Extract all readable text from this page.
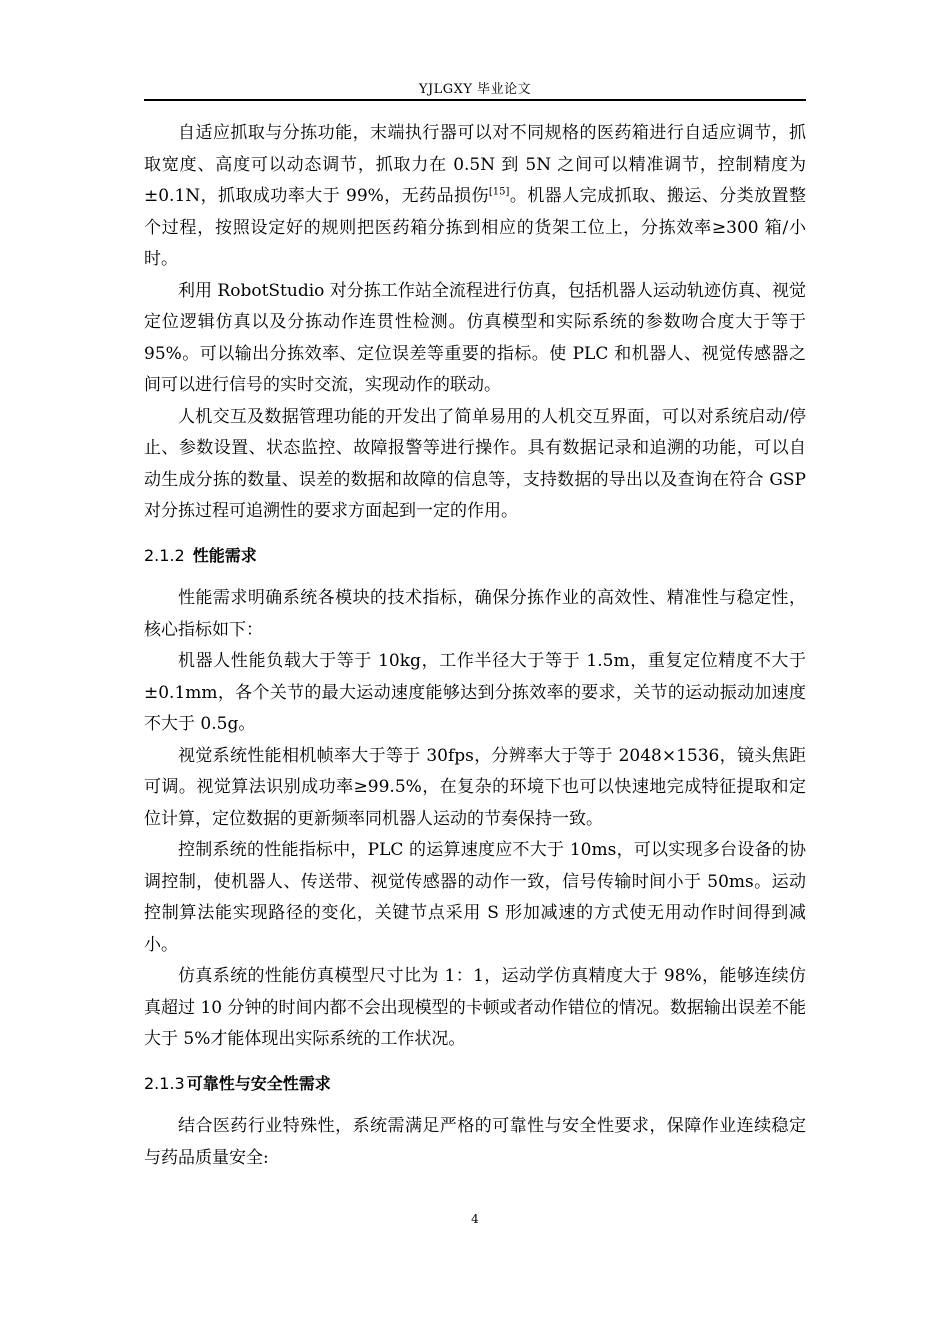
YJLGXY 毕业论文

自适应抓取与分拣功能，末端执行器可以对不同规格的医药箱进行自适应调节，抓取宽度、高度可以动态调节，抓取力在 0.5N 到 5N 之间可以精准调节，控制精度为±0.1N，抓取成功率大于 99%，无药品损伤[15]。机器人完成抓取、搬运、分类放置整个过程，按照设定好的规则把医药箱分拣到相应的货架工位上，分拣效率≥300 箱/小时。

利用 RobotStudio 对分拣工作站全流程进行仿真，包括机器人运动轨迹仿真、视觉定位逻辑仿真以及分拣动作连贯性检测。仿真模型和实际系统的参数吻合度大于等于 95%。可以输出分拣效率、定位误差等重要的指标。使 PLC 和机器人、视觉传感器之间可以进行信号的实时交流，实现动作的联动。

人机交互及数据管理功能的开发出了简单易用的人机交互界面，可以对系统启动/停止、参数设置、状态监控、故障报警等进行操作。具有数据记录和追溯的功能，可以自动生成分拣的数量、误差的数据和故障的信息等，支持数据的导出以及查询在符合 GSP 对分拣过程可追溯性的要求方面起到一定的作用。

2.1.2 性能需求

性能需求明确系统各模块的技术指标，确保分拣作业的高效性、精准性与稳定性，核心指标如下：

机器人性能负载大于等于 10kg，工作半径大于等于 1.5m，重复定位精度不大于±0.1mm，各个关节的最大运动速度能够达到分拣效率的要求，关节的运动振动加速度不大于 0.5g。

视觉系统性能相机帧率大于等于 30fps，分辨率大于等于 2048×1536，镜头焦距可调。视觉算法识别成功率≥99.5%，在复杂的环境下也可以快速地完成特征提取和定位计算，定位数据的更新频率同机器人运动的节奏保持一致。

控制系统的性能指标中，PLC 的运算速度应不大于 10ms，可以实现多台设备的协调控制，使机器人、传送带、视觉传感器的动作一致，信号传输时间小于 50ms。运动控制算法能实现路径的变化，关键节点采用 S 形加减速的方式使无用动作时间得到减小。

仿真系统的性能仿真模型尺寸比为 1：1，运动学仿真精度大于 98%，能够连续仿真超过 10 分钟的时间内都不会出现模型的卡顿或者动作错位的情况。数据输出误差不能大于 5%才能体现出实际系统的工作状况。

2.1.3 可靠性与安全性需求

结合医药行业特殊性，系统需满足严格的可靠性与安全性要求，保障作业连续稳定与药品质量安全:

4
